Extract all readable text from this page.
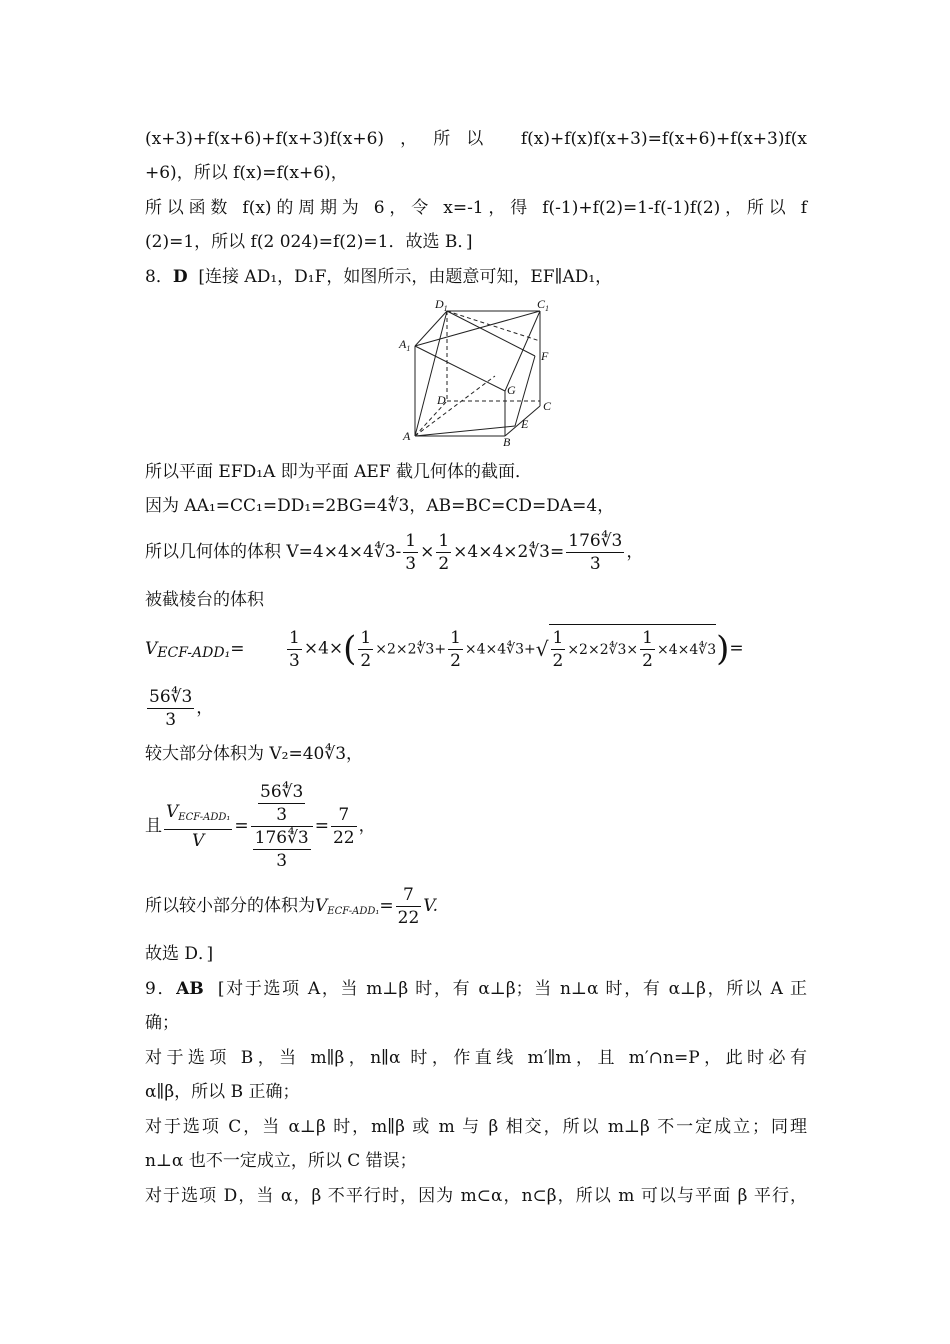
(x+3)+f(x+6)+f(x+3)f(x+6)，所以 f(x)+f(x)f(x+3)=f(x+6)+f(x+3)f(x
+6)，所以 f(x)=f(x+6)，
所以函数 f(x)的周期为 6，令 x=-1，得 f(-1)+f(2)=1-f(-1)f(2)，所以 f
(2)=1，所以 f(2 024)=f(2)=1．故选 B．]
8．D [连接 AD₁，D₁F，如图所示，由题意可知，EF∥AD₁，
$D_1$	$C_1$
$A_1$
F
G
D	C
E
A	B
所以平面 EFD₁A 即为平面 AEF 截几何体的截面．
因为 AA₁=CC₁=DD₁=2BG=4∜3，AB=BC=CD=DA=4，
所以几何体的体积 V=4×4×4∜3- $\frac{1}{3} \times \frac{1}{2}$ ×4×4×2∜3= $\frac{176∜3}{3}$ ，
被截棱台的体积
$V_{ECF-ADD_1}=$	$\frac{1}{3} \times 4\times( \frac{1}{2}$ ×2×2∜3+ $\frac{1}{2}$ ×4×4∜3+√ $\frac{1}{2}$ ×2×2∜3× $\frac{1}{2}$ ×4×4∜3)=
$\frac{56∜3}{3}$ ，
较大部分体积为 V₂=40∜3，
且 $\frac{V_{ECF-ADD_1}}{V} = \frac{\frac{56∜3}{3}}{\frac{176∜3}{3}} = \frac{7}{22}$ ，
所以较小部分的体积为$V_{ECF-ADD_1}= \frac{7}{22} V$.
故选 D．]
9．AB [对于选项 A，当 m⊥β 时，有 α⊥β；当 n⊥α 时，有 α⊥β，所以 A 正
确；
对于选项 B，当 m∥β，n∥α 时，作直线 m′∥m，且 m′∩n=P，此时必有
α∥β，所以 B 正确；
对于选项 C，当 α⊥β 时，m∥β 或 m 与 β 相交，所以 m⊥β 不一定成立；同理
n⊥α 也不一定成立，所以 C 错误；
对于选项 D，当 α，β 不平行时，因为 m⊂α，n⊂β，所以 m 可以与平面 β 平行，
